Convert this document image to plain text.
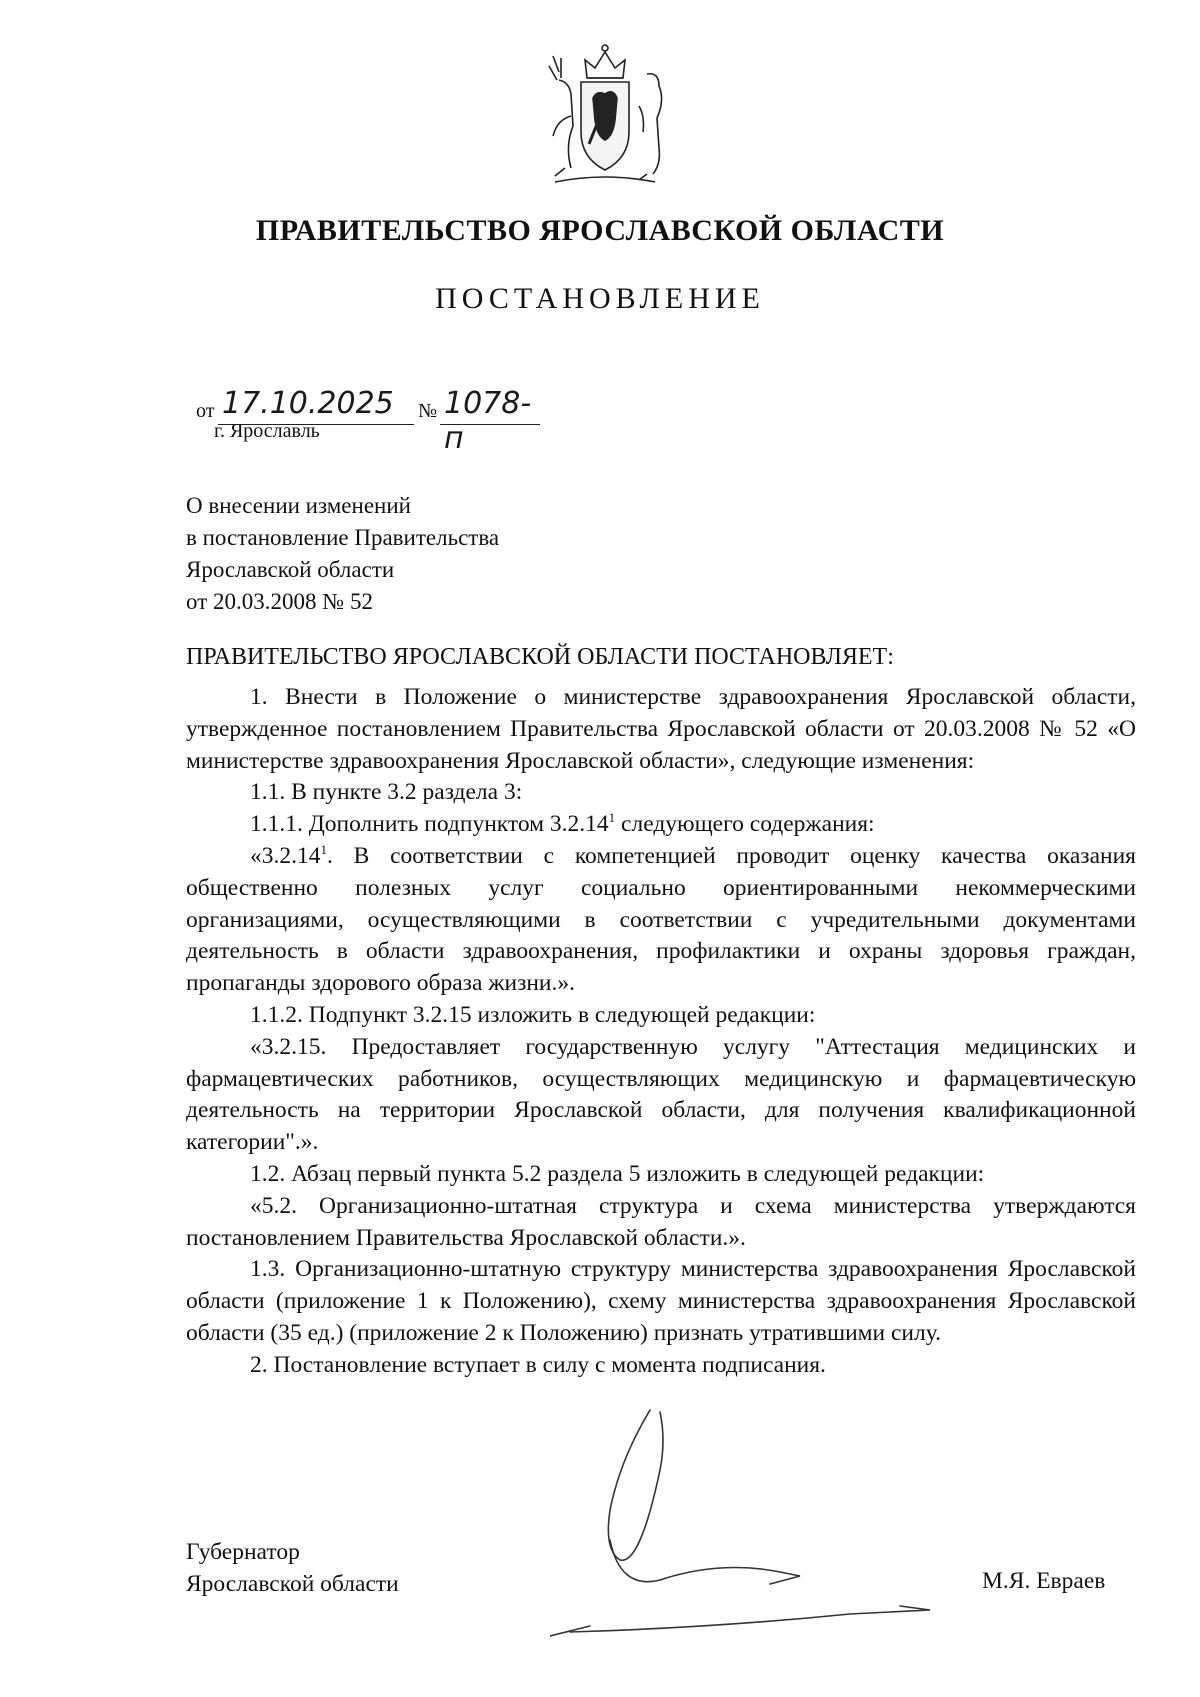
ПРАВИТЕЛЬСТВО ЯРОСЛАВСКОЙ ОБЛАСТИ
ПОСТАНОВЛЕНИЕ
от 17.10.2025 № 1078-п
г. Ярославль
О внесении изменений
в постановление Правительства
Ярославской области
от 20.03.2008 № 52
ПРАВИТЕЛЬСТВО ЯРОСЛАВСКОЙ ОБЛАСТИ ПОСТАНОВЛЯЕТ:

1. Внести в Положение о министерстве здравоохранения Ярославской области, утвержденное постановлением Правительства Ярославской области от 20.03.2008 № 52 «О министерстве здравоохранения Ярославской области», следующие изменения:

1.1. В пункте 3.2 раздела 3:

1.1.1. Дополнить подпунктом 3.2.14$^1$ следующего содержания:

«3.2.14$^1$. В соответствии с компетенцией проводит оценку качества оказания общественно полезных услуг социально ориентированными некоммерческими организациями, осуществляющими в соответствии с учредительными документами деятельность в области здравоохранения, профилактики и охраны здоровья граждан, пропаганды здорового образа жизни.».

1.1.2. Подпункт 3.2.15 изложить в следующей редакции:

«3.2.15. Предоставляет государственную услугу "Аттестация медицинских и фармацевтических работников, осуществляющих медицинскую и фармацевтическую деятельность на территории Ярославской области, для получения квалификационной категории".».

1.2. Абзац первый пункта 5.2 раздела 5 изложить в следующей редакции:

«5.2. Организационно-штатная структура и схема министерства утверждаются постановлением Правительства Ярославской области.».

1.3. Организационно-штатную структуру министерства здравоохранения Ярославской области (приложение 1 к Положению), схему министерства здравоохранения Ярославской области (35 ед.) (приложение 2 к Положению) признать утратившими силу.

2. Постановление вступает в силу с момента подписания.

Губернатор
Ярославской области	М.Я. Евраев
